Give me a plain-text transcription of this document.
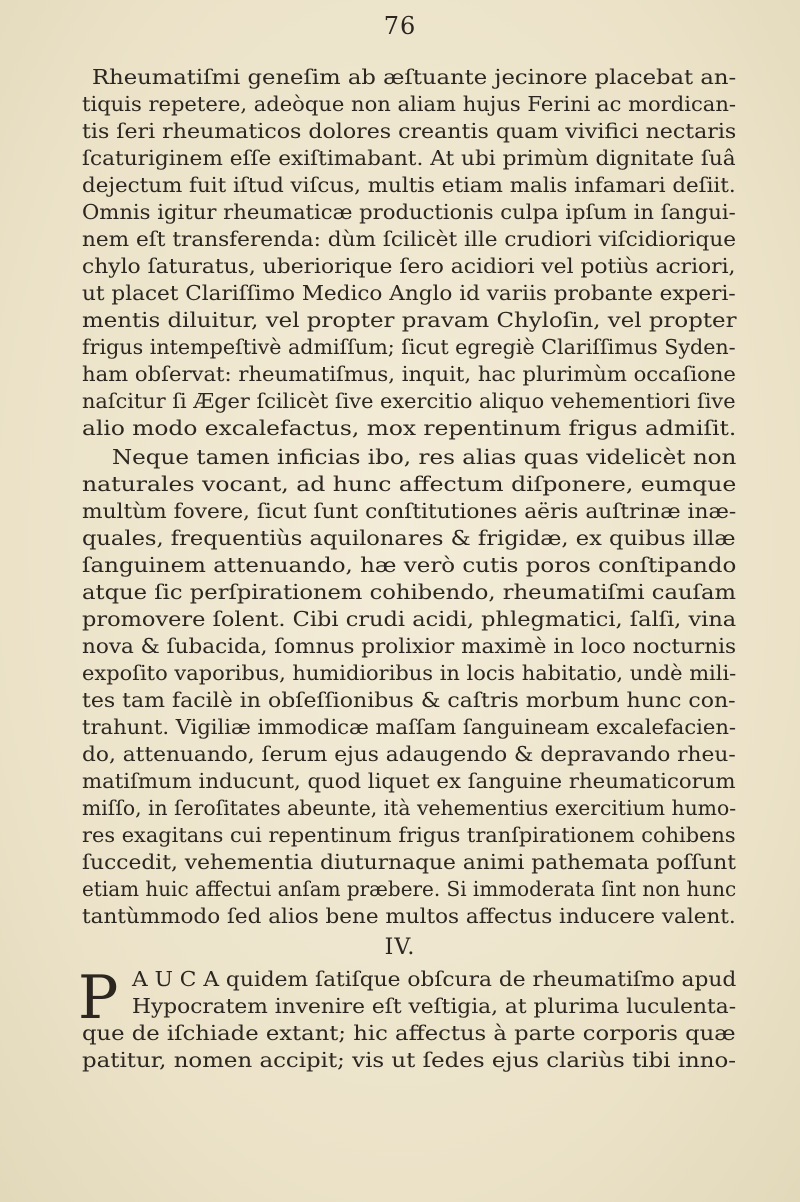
76
Rheumatiſmi geneſim ab æſtuante jecinore placebat an-
tiquis repetere, adeòque non aliam hujus Ferini ac mordican-
tis ſeri rheumaticos dolores creantis quam vivifici nectaris
ſcaturiginem eſſe exiſtimabant. At ubi primùm dignitate ſuâ
dejectum fuit iſtud viſcus, multis etiam malis infamari deſiit.
Omnis igitur rheumaticæ productionis culpa ipſum in ſangui-
nem eſt transferenda: dùm ſcilicèt ille crudiori viſcidiorique
chylo ſaturatus, uberiorique ſero acidiori vel potiùs acriori,
ut placet Clariſſimo Medico Anglo id variis probante experi-
mentis diluitur, vel propter pravam Chyloſin, vel propter
frigus intempeſtivè admiſſum; ſicut egregiè Clariſſimus Syden-
ham obſervat: rheumatiſmus, inquit, hac plurimùm occaſione
naſcitur ſi Æger ſcilicèt ſive exercitio aliquo vehementiori ſive
alio modo excalefactus, mox repentinum frigus admiſit.
Neque tamen inficias ibo, res alias quas videlicèt non
naturales vocant, ad hunc affectum diſponere, eumque
multùm fovere, ſicut ſunt conſtitutiones aëris auſtrinæ inæ-
quales, frequentiùs aquilonares & frigidæ, ex quibus illæ
ſanguinem attenuando, hæ verò cutis poros conſtipando
atque ſic perſpirationem cohibendo, rheumatiſmi cauſam
promovere ſolent. Cibi crudi acidi, phlegmatici, ſalſi, vina
nova & ſubacida, ſomnus prolixior maximè in loco nocturnis
expoſito vaporibus, humidioribus in locis habitatio, undè mili-
tes tam facilè in obſeſſionibus & caſtris morbum hunc con-
trahunt. Vigiliæ immodicæ maſſam ſanguineam excalefacien-
do, attenuando, ſerum ejus adaugendo & depravando rheu-
matiſmum inducunt, quod liquet ex ſanguine rheumaticorum
miſſo, in ſeroſitates abeunte, ità vehementius exercitium humo-
res exagitans cui repentinum frigus tranſpirationem cohibens
ſuccedit, vehementia diuturnaque animi pathemata poſſunt
etiam huic affectui anſam præbere. Si immoderata ſint non hunc
tantùmmodo ſed alios bene multos affectus inducere valent.
IV.
P A U C A quidem ſatiſque obſcura de rheumatiſmo apud
Hypocratem invenire eſt veſtigia, at plurima luculenta-
que de iſchiade extant; hic affectus à parte corporis quæ
patitur, nomen accipit; vis ut ſedes ejus clariùs tibi inno-
